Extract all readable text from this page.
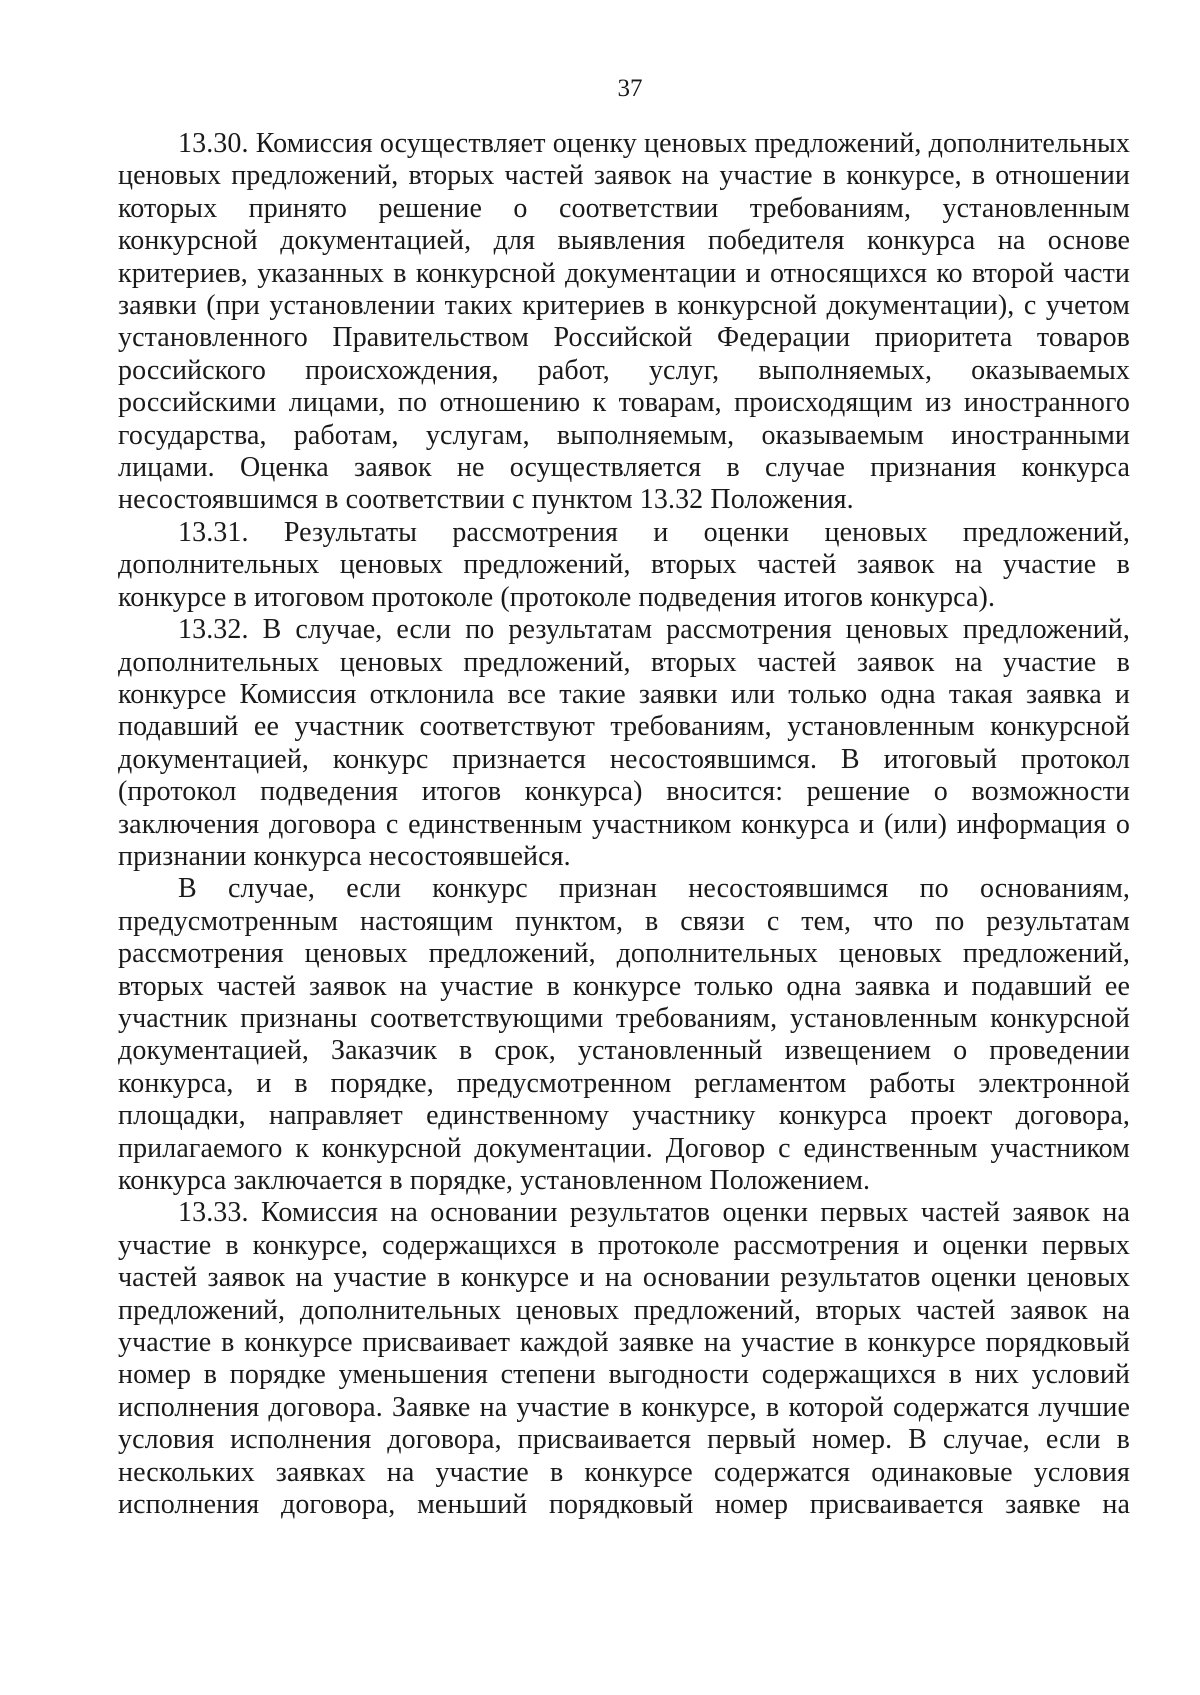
37

13.30. Комиссия осуществляет оценку ценовых предложений, дополнительных ценовых предложений, вторых частей заявок на участие в конкурсе, в отношении которых принято решение о соответствии требованиям, установленным конкурсной документацией, для выявления победителя конкурса на основе критериев, указанных в конкурсной документации и относящихся ко второй части заявки (при установлении таких критериев в конкурсной документации), с учетом установленного Правительством Российской Федерации приоритета товаров российского происхождения, работ, услуг, выполняемых, оказываемых российскими лицами, по отношению к товарам, происходящим из иностранного государства, работам, услугам, выполняемым, оказываемым иностранными лицами. Оценка заявок не осуществляется в случае признания конкурса несостоявшимся в соответствии с пунктом 13.32 Положения.

13.31. Результаты рассмотрения и оценки ценовых предложений, дополнительных ценовых предложений, вторых частей заявок на участие в конкурсе в итоговом протоколе (протоколе подведения итогов конкурса).

13.32. В случае, если по результатам рассмотрения ценовых предложений, дополнительных ценовых предложений, вторых частей заявок на участие в конкурсе Комиссия отклонила все такие заявки или только одна такая заявка и подавший ее участник соответствуют требованиям, установленным конкурсной документацией, конкурс признается несостоявшимся. В итоговый протокол (протокол подведения итогов конкурса) вносится: решение о возможности заключения договора с единственным участником конкурса и (или) информация о признании конкурса несостоявшейся.

В случае, если конкурс признан несостоявшимся по основаниям, предусмотренным настоящим пунктом, в связи с тем, что по результатам рассмотрения ценовых предложений, дополнительных ценовых предложений, вторых частей заявок на участие в конкурсе только одна заявка и подавший ее участник признаны соответствующими требованиям, установленным конкурсной документацией, Заказчик в срок, установленный извещением о проведении конкурса, и в порядке, предусмотренном регламентом работы электронной площадки, направляет единственному участнику конкурса проект договора, прилагаемого к конкурсной документации. Договор с единственным участником конкурса заключается в порядке, установленном Положением.

13.33. Комиссия на основании результатов оценки первых частей заявок на участие в конкурсе, содержащихся в протоколе рассмотрения и оценки первых частей заявок на участие в конкурсе и на основании результатов оценки ценовых предложений, дополнительных ценовых предложений, вторых частей заявок на участие в конкурсе присваивает каждой заявке на участие в конкурсе порядковый номер в порядке уменьшения степени выгодности содержащихся в них условий исполнения договора. Заявке на участие в конкурсе, в которой содержатся лучшие условия исполнения договора, присваивается первый номер. В случае, если в нескольких заявках на участие в конкурсе содержатся одинаковые условия исполнения договора, меньший порядковый номер присваивается заявке на
